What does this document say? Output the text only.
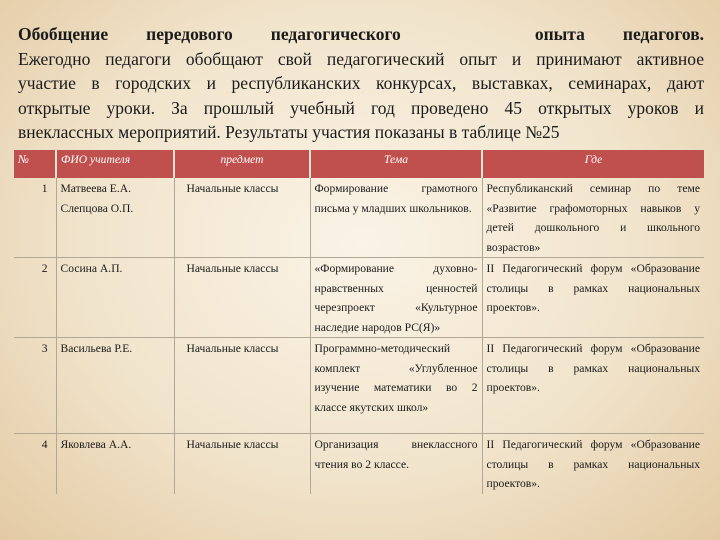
Обобщение передового педагогического	опыта педагогов.

Ежегодно педагоги обобщают свой педагогический опыт и принимают активное

участие в городских и республиканских конкурсах, выставках, семинарах, дают

открытые уроки. За прошлый учебный год проведено 45 открытых уроков и

внеклассных мероприятий. Результаты участия показаны в таблице №25

№	ФИО учителя	предмет	Тема	Где
1	Матвеева Е.А. Слепцова О.П.	Начальные классы	Формирование грамотного письма у младших школьников.	Республиканский семинар по теме «Развитие графомоторных навыков у детей дошкольного и школьного возрастов»
2	Сосина А.П.	Начальные классы	«Формирование духовно-нравственных ценностей черезпроект «Культурное наследие народов РС(Я)»	II Педагогический форум «Образование столицы в рамках национальных проектов».
3	Васильева Р.Е.	Начальные классы	Программно-методический комплект «Углубленное изучение математики во 2 классе якутских школ»	II Педагогический форум «Образование столицы в рамках национальных проектов».
4	Яковлева А.А.	Начальные классы	Организация внеклассного чтения во 2 классе.	II Педагогический форум «Образование столицы в рамках национальных проектов».
